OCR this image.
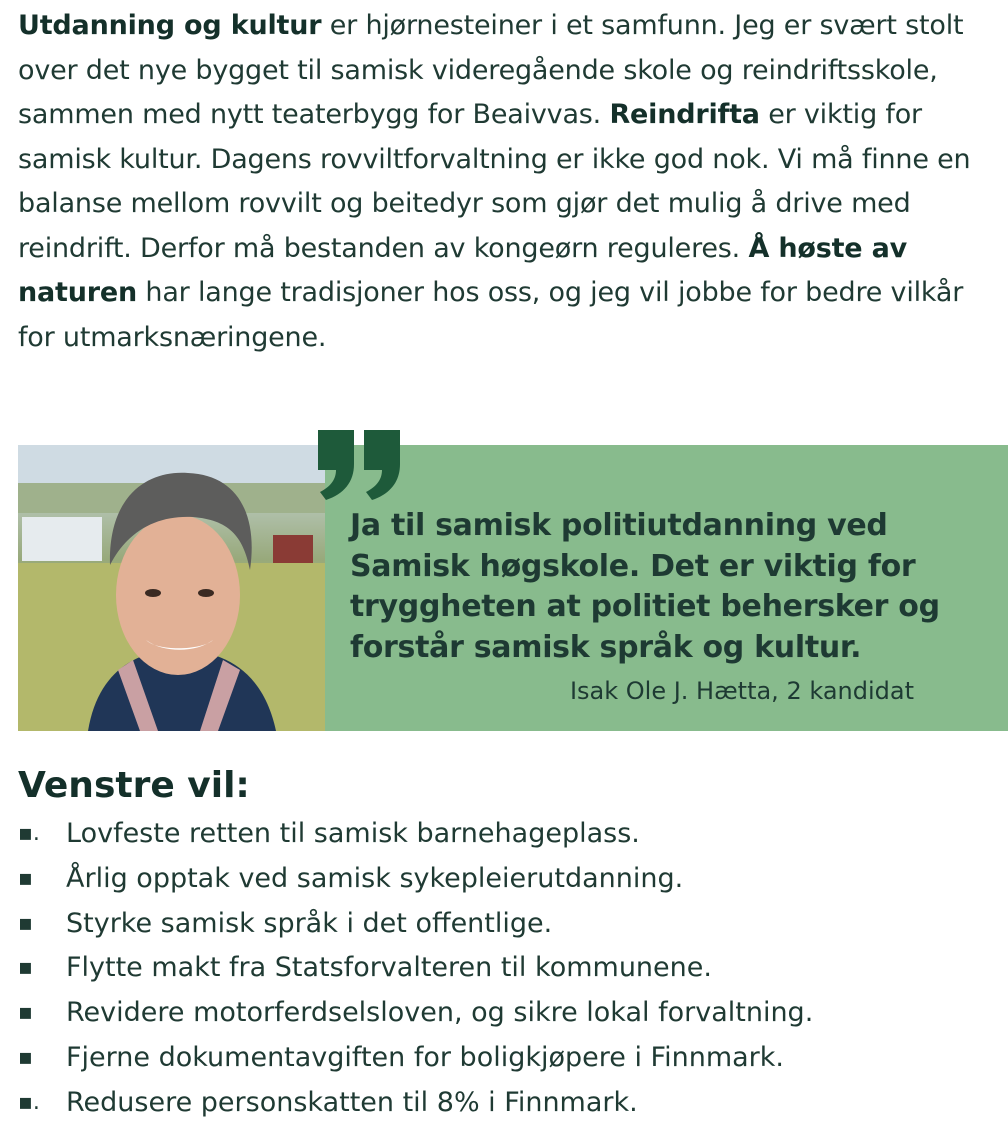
Utdanning og kultur er hjørnesteiner i et samfunn. Jeg er svært stolt over det nye bygget til samisk videregående skole og reindriftsskole, sammen med nytt teaterbygg for Beaivvas. Reindrifta er viktig for samisk kultur. Dagens rovviltforvaltning er ikke god nok. Vi må finne en balanse mellom rovvilt og beitedyr som gjør det mulig å drive med reindrift. Derfor må bestanden av kongeørn reguleres. Å høste av naturen har lange tradisjoner hos oss, og jeg vil jobbe for bedre vilkår for utmarksnæringene.

Ja til samisk politiutdanning ved Samisk høgskole. Det er viktig for tryggheten at politiet behersker og forstår samisk språk og kultur.

Isak Ole J. Hætta, 2 kandidat

Venstre vil:
▪. Lovfeste retten til samisk barnehageplass.
▪ Årlig opptak ved samisk sykepleierutdanning.
▪ Styrke samisk språk i det offentlige.
▪ Flytte makt fra Statsforvalteren til kommunene.
▪ Revidere motorferdselsloven, og sikre lokal forvaltning.
▪ Fjerne dokumentavgiften for boligkjøpere i Finnmark.
▪. Redusere personskatten til 8% i Finnmark.
